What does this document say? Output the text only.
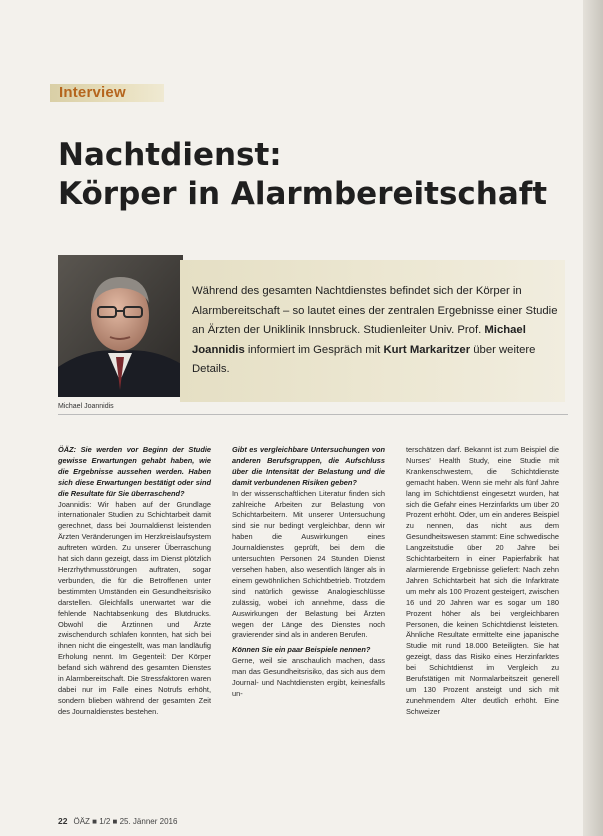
Interview
Nachtdienst:
Körper in Alarmbereitschaft
Michael Joannidis

Während des gesamten Nachtdienstes befindet sich der Körper in Alarmbereitschaft – so lautet eines der zentralen Ergebnisse einer Studie an Ärzten der Uniklinik Innsbruck. Studienleiter Univ. Prof. Michael Joannidis informiert im Gespräch mit Kurt Markaritzer über weitere Details.

ÖÄZ: Sie werden vor Beginn der Studie gewisse Erwartungen gehabt haben, wie die Ergebnisse aussehen werden. Haben sich diese Erwartungen bestätigt oder sind die Resultate für Sie überraschend?

Joannidis: Wir haben auf der Grundlage internationaler Studien zu Schichtarbeit damit gerechnet, dass bei Journaldienst leistenden Ärzten Veränderungen im Herzkreislaufsystem auftreten würden. Zu unserer Überraschung hat sich dann gezeigt, dass im Dienst plötzlich Herzrhythmusstörungen auftraten, sogar verbunden, die für die Betroffenen unter bestimmten Umständen ein Gesundheitsrisiko darstellen. Gleichfalls unerwartet war die fehlende Nachtabsenkung des Blutdrucks. Obwohl die Ärztinnen und Ärzte zwischendurch schlafen konnten, hat sich bei ihnen nicht die eingestellt, was man landläufig Erholung nennt. Im Gegenteil: Der Körper befand sich während des gesamten Dienstes in Alarmbereitschaft. Die Stressfaktoren waren dabei nur im Falle eines Notrufs erhöht, sondern blieben während der gesamten Zeit des Journaldienstes bestehen.

Gibt es vergleichbare Untersuchungen von anderen Berufsgruppen, die Aufschluss über die Intensität der Belastung und die damit verbundenen Risiken geben?

In der wissenschaftlichen Literatur finden sich zahlreiche Arbeiten zur Belastung von Schichtarbeitern. Mit unserer Untersuchung sind sie nur bedingt vergleichbar, denn wir haben die Auswirkungen eines Journaldienstes geprüft, bei dem die untersuchten Personen 24 Stunden Dienst versehen haben, also wesentlich länger als in einem gewöhnlichen Schichtbetrieb. Trotzdem sind natürlich gewisse Analogieschlüsse zulässig, wobei ich annehme, dass die Auswirkungen der Belastung bei Ärzten wegen der Länge des Dienstes noch gravierender sind als in anderen Berufen.

Können Sie ein paar Beispiele nennen?

Gerne, weil sie anschaulich machen, dass man das Gesundheitsrisiko, das sich aus dem Journal- und Nachtdiensten ergibt, keinesfalls un-

terschätzen darf. Bekannt ist zum Beispiel die Nurses' Health Study, eine Studie mit Krankenschwestern, die Schichtdienste gemacht haben. Wenn sie mehr als fünf Jahre lang im Schichtdienst eingesetzt wurden, hat sich die Gefahr eines Herzinfarkts um über 20 Prozent erhöht. Oder, um ein anderes Beispiel zu nennen, das nicht aus dem Gesundheitswesen stammt: Eine schwedische Langzeitstudie über 20 Jahre bei Schichtarbeitern in einer Papierfabrik hat alarmierende Ergebnisse geliefert: Nach zehn Jahren Schichtarbeit hat sich die Infarktrate um mehr als 100 Prozent gesteigert, zwischen 16 und 20 Jahren war es sogar um 180 Prozent höher als bei vergleichbaren Personen, die keinen Schichtdienst leisteten. Ähnliche Resultate ermittelte eine japanische Studie mit rund 18.000 Beteiligten. Sie hat gezeigt, dass das Risiko eines Herzinfarktes bei Schichtdienst im Vergleich zu Berufstätigen mit Normalarbeitszeit generell um 130 Prozent ansteigt und sich mit zunehmendem Alter deutlich erhöht. Eine Schweizer

22 ÖÄZ ■ 1/2 ■ 25. Jänner 2016
